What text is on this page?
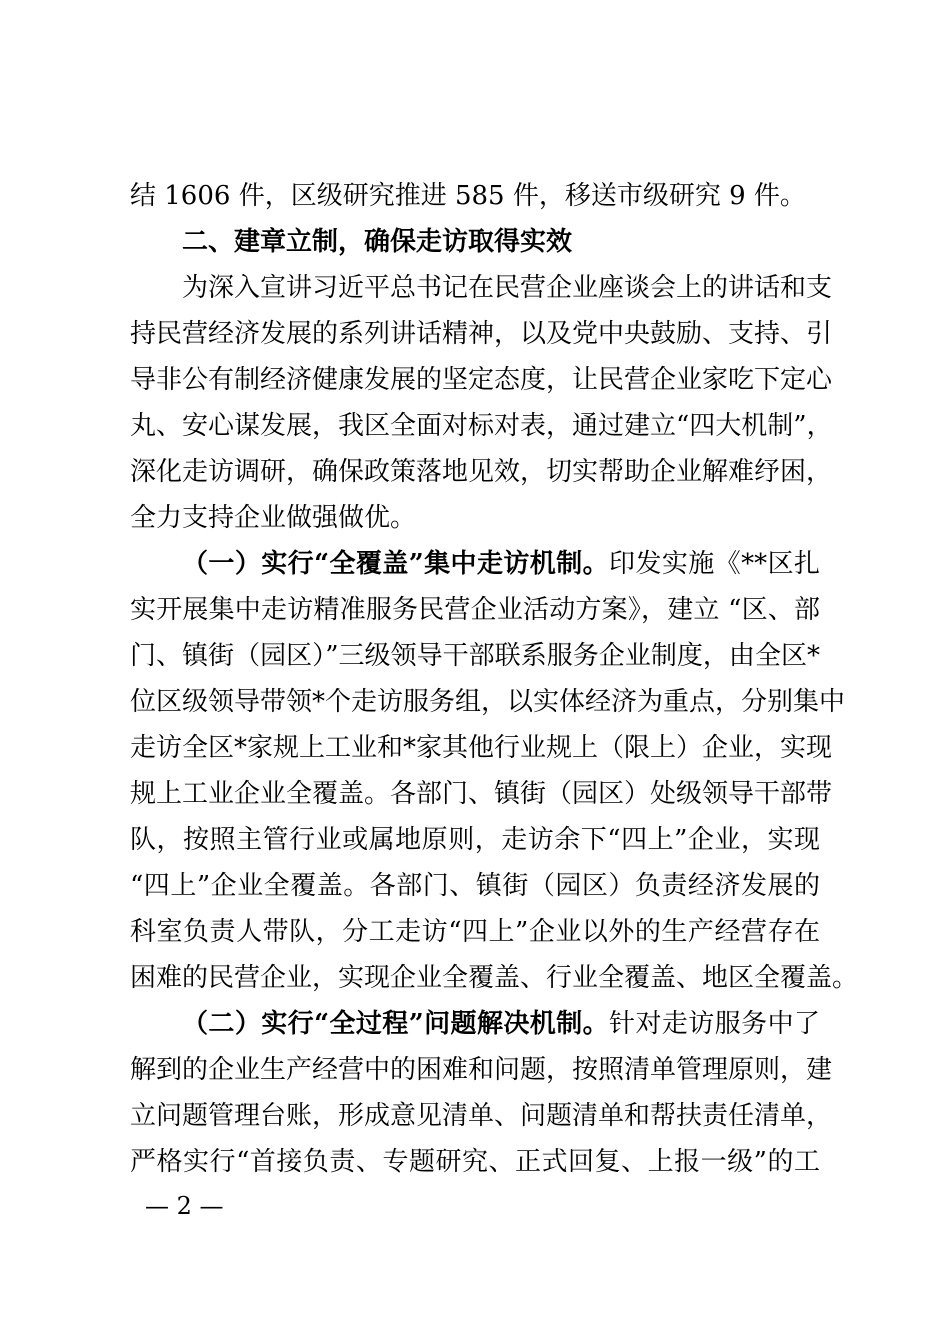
结 1606 件，区级研究推进 585 件，移送市级研究 9 件。
二、建章立制，确保走访取得实效
为深入宣讲习近平总书记在民营企业座谈会上的讲话和支
持民营经济发展的系列讲话精神，以及党中央鼓励、支持、引
导非公有制经济健康发展的坚定态度，让民营企业家吃下定心
丸、安心谋发展，我区全面对标对表，通过建立“四大机制”，
深化走访调研，确保政策落地见效，切实帮助企业解难纾困，
全力支持企业做强做优。
（一）实行“全覆盖”集中走访机制。印发实施《**区扎
实开展集中走访精准服务民营企业活动方案》，建立 “区、部
门、镇街（园区）”三级领导干部联系服务企业制度，由全区*
位区级领导带领*个走访服务组，以实体经济为重点，分别集中
走访全区*家规上工业和*家其他行业规上（限上）企业，实现
规上工业企业全覆盖。各部门、镇街（园区）处级领导干部带
队，按照主管行业或属地原则，走访余下“四上”企业，实现
“四上”企业全覆盖。各部门、镇街（园区）负责经济发展的
科室负责人带队，分工走访“四上”企业以外的生产经营存在
困难的民营企业，实现企业全覆盖、行业全覆盖、地区全覆盖。
（二）实行“全过程”问题解决机制。针对走访服务中了
解到的企业生产经营中的困难和问题，按照清单管理原则，建
立问题管理台账，形成意见清单、问题清单和帮扶责任清单，
严格实行“首接负责、专题研究、正式回复、上报一级”的工
— 2 —
